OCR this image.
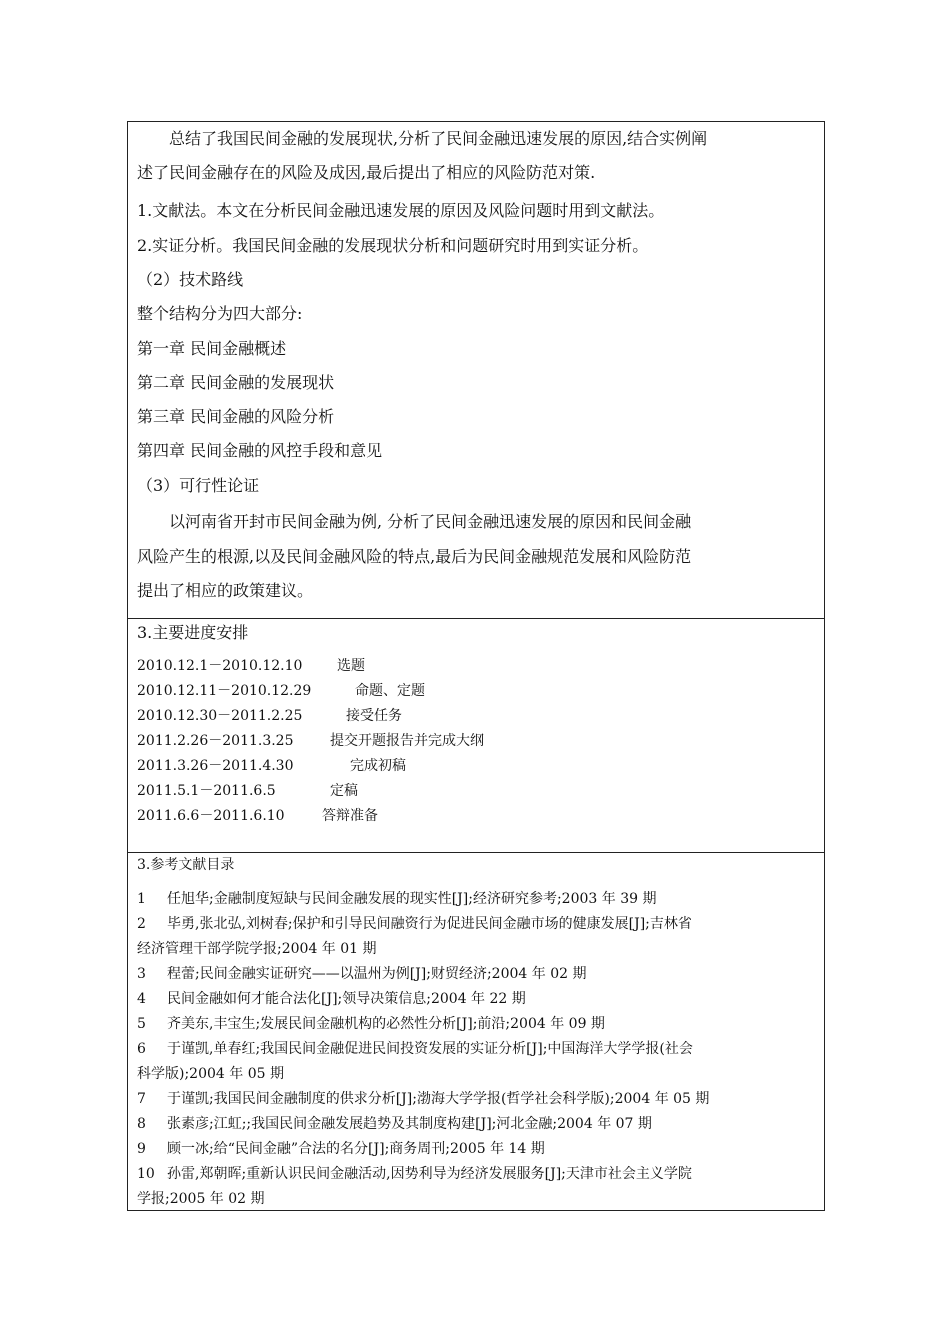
总结了我国民间金融的发展现状,分析了民间金融迅速发展的原因,结合实例阐

述了民间金融存在的风险及成因,最后提出了相应的风险防范对策.

1.文献法。本文在分析民间金融迅速发展的原因及风险问题时用到文献法。

2.实证分析。我国民间金融的发展现状分析和问题研究时用到实证分析。

（2）技术路线

整个结构分为四大部分:

第一章 民间金融概述

第二章 民间金融的发展现状

第三章 民间金融的风险分析

第四章 民间金融的风控手段和意见

（3）可行性论证

以河南省开封市民间金融为例, 分析了民间金融迅速发展的原因和民间金融

风险产生的根源,以及民间金融风险的特点,最后为民间金融规范发展和风险防范

提出了相应的政策建议。

3.主要进度安排

2010.12.1－2010.12.10 选题
2010.12.11－2010.12.29	命题、定题
2010.12.30－2011.2.25	接受任务
2011.2.26－2011.3.25	提交开题报告并完成大纲
2011.3.26－2011.4.30	完成初稿
2011.5.1－2011.6.5	定稿
2011.6.6－2011.6.10	答辩准备

3.参考文献目录

1 任旭华;金融制度短缺与民间金融发展的现实性[J];经济研究参考;2003 年 39 期
2 毕勇,张北弘,刘树春;保护和引导民间融资行为促进民间金融市场的健康发展[J];吉林省
经济管理干部学院学报;2004 年 01 期
3 程蕾;民间金融实证研究——以温州为例[J];财贸经济;2004 年 02 期
4 民间金融如何才能合法化[J];领导决策信息;2004 年 22 期
5 齐美东,丰宝生;发展民间金融机构的必然性分析[J];前沿;2004 年 09 期
6 于谨凯,单春红;我国民间金融促进民间投资发展的实证分析[J];中国海洋大学学报(社会
科学版);2004 年 05 期
7 于谨凯;我国民间金融制度的供求分析[J];渤海大学学报(哲学社会科学版);2004 年 05 期
8 张素彦;江虹;;我国民间金融发展趋势及其制度构建[J];河北金融;2004 年 07 期
9 顾一冰;给“民间金融”合法的名分[J];商务周刊;2005 年 14 期
10 孙雷,郑朝晖;重新认识民间金融活动,因势利导为经济发展服务[J];天津市社会主义学院
学报;2005 年 02 期
